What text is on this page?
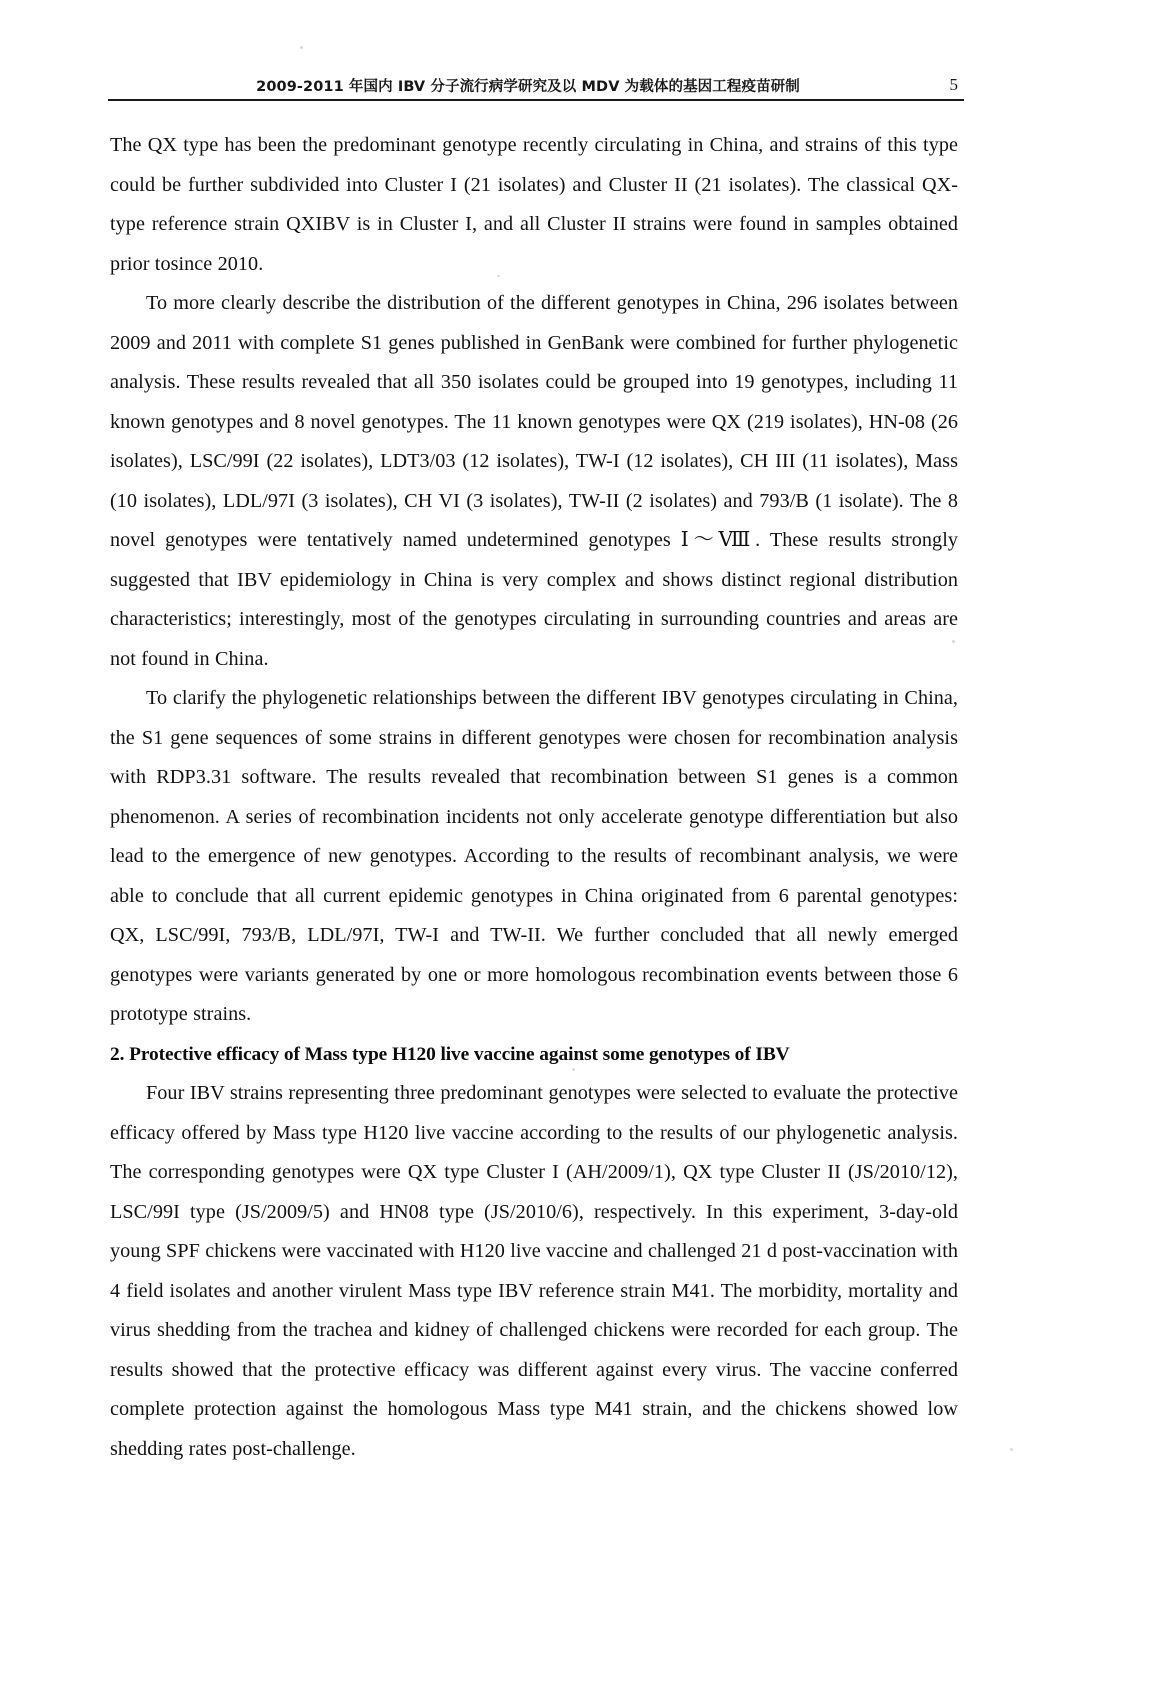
2009-2011 年国内 IBV 分子流行病学研究及以 MDV 为载体的基因工程疫苗研制	5

The QX type has been the predominant genotype recently circulating in China, and strains of this type could be further subdivided into Cluster I (21 isolates) and Cluster II (21 isolates). The classical QX-type reference strain QXIBV is in Cluster I, and all Cluster II strains were found in samples obtained prior tosince 2010.

To more clearly describe the distribution of the different genotypes in China, 296 isolates between 2009 and 2011 with complete S1 genes published in GenBank were combined for further phylogenetic analysis. These results revealed that all 350 isolates could be grouped into 19 genotypes, including 11 known genotypes and 8 novel genotypes. The 11 known genotypes were QX (219 isolates), HN-08 (26 isolates), LSC/99I (22 isolates), LDT3/03 (12 isolates), TW-I (12 isolates), CH III (11 isolates), Mass (10 isolates), LDL/97I (3 isolates), CH VI (3 isolates), TW-II (2 isolates) and 793/B (1 isolate). The 8 novel genotypes were tentatively named undetermined genotypes Ⅰ～Ⅷ. These results strongly suggested that IBV epidemiology in China is very complex and shows distinct regional distribution characteristics; interestingly, most of the genotypes circulating in surrounding countries and areas are not found in China.

To clarify the phylogenetic relationships between the different IBV genotypes circulating in China, the S1 gene sequences of some strains in different genotypes were chosen for recombination analysis with RDP3.31 software. The results revealed that recombination between S1 genes is a common phenomenon. A series of recombination incidents not only accelerate genotype differentiation but also lead to the emergence of new genotypes. According to the results of recombinant analysis, we were able to conclude that all current epidemic genotypes in China originated from 6 parental genotypes: QX, LSC/99I, 793/B, LDL/97I, TW-I and TW-II. We further concluded that all newly emerged genotypes were variants generated by one or more homologous recombination events between those 6 prototype strains.

2. Protective efficacy of Mass type H120 live vaccine against some genotypes of IBV

Four IBV strains representing three predominant genotypes were selected to evaluate the protective efficacy offered by Mass type H120 live vaccine according to the results of our phylogenetic analysis. The corresponding genotypes were QX type Cluster I (AH/2009/1), QX type Cluster II (JS/2010/12), LSC/99I type (JS/2009/5) and HN08 type (JS/2010/6), respectively. In this experiment, 3-day-old young SPF chickens were vaccinated with H120 live vaccine and challenged 21 d post-vaccination with 4 field isolates and another virulent Mass type IBV reference strain M41. The morbidity, mortality and virus shedding from the trachea and kidney of challenged chickens were recorded for each group. The results showed that the protective efficacy was different against every virus. The vaccine conferred complete protection against the homologous Mass type M41 strain, and the chickens showed low shedding rates post-challenge.
